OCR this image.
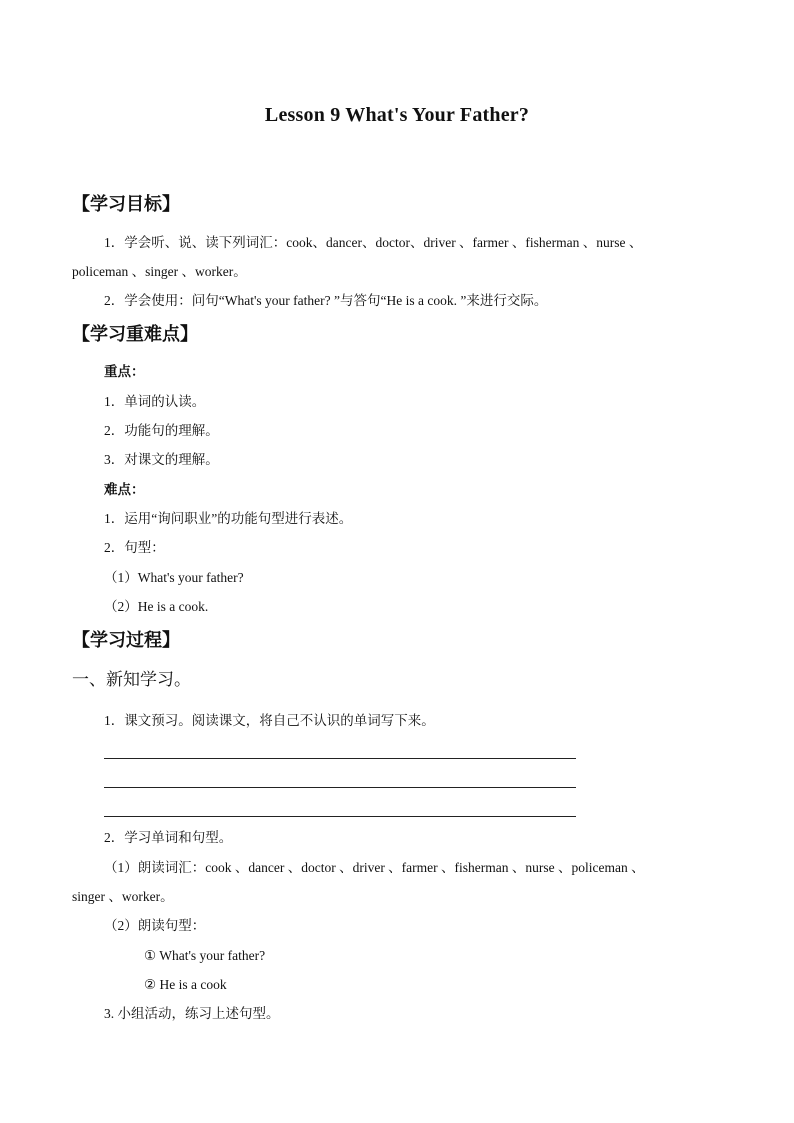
Lesson 9 What's Your Father?
【学习目标】
1．学会听、说、读下列词汇：cook、dancer、doctor、driver 、farmer 、fisherman 、nurse 、
policeman 、singer 、worker。
2．学会使用：问句“What's your father? ”与答句“He is a cook. ”来进行交际。
【学习重难点】
重点：
1．单词的认读。
2．功能句的理解。
3．对课文的理解。
难点：
1．运用“询问职业”的功能句型进行表述。
2．句型：
（1）What's your father?
（2）He is a cook.
【学习过程】
一、新知学习。
1．课文预习。阅读课文，将自己不认识的单词写下来。
2．学习单词和句型。
（1）朗读词汇：cook 、dancer 、doctor 、driver 、farmer 、fisherman 、nurse 、policeman 、
singer 、worker。
（2）朗读句型：
① What's your father?
② He is a cook
3. 小组活动，练习上述句型。
